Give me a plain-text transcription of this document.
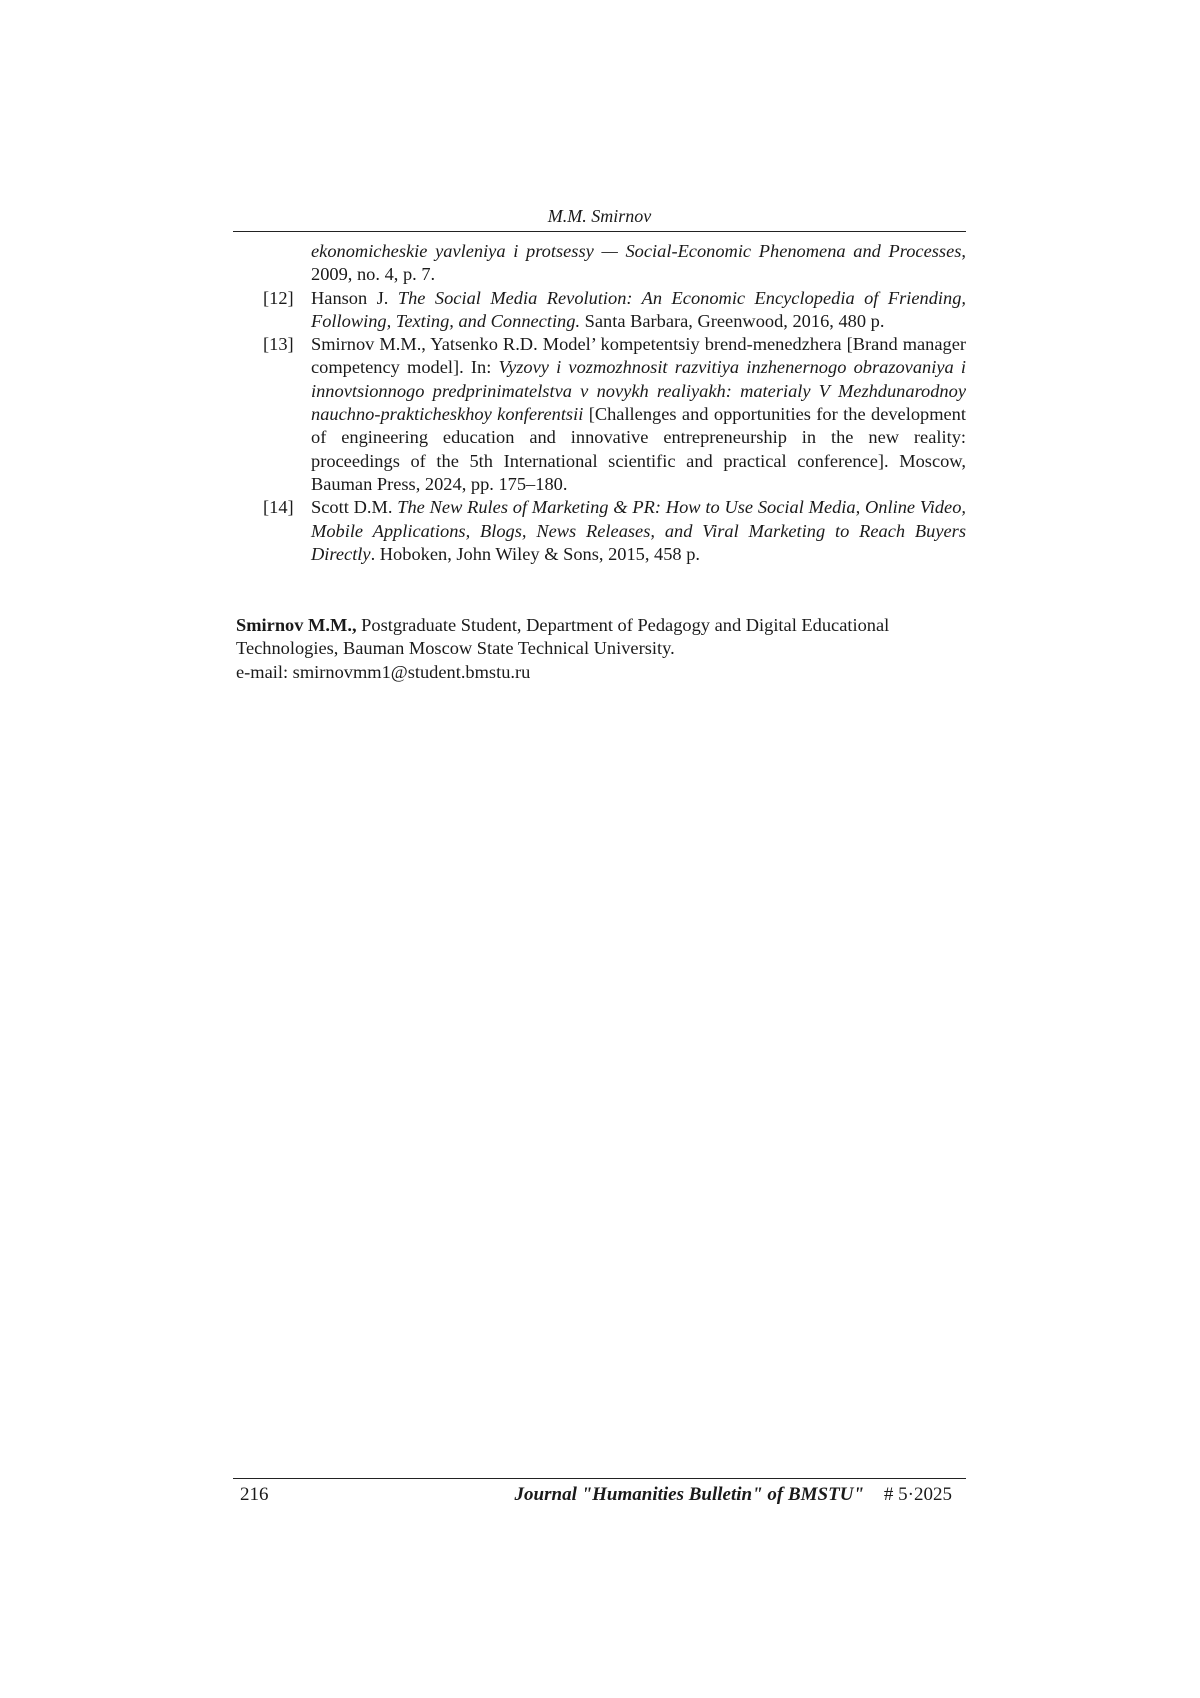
M.M. Smirnov
ekonomicheskie yavleniya i protsessy — Social-Economic Phenomena and Processes, 2009, no. 4, p. 7.
[12] Hanson J. The Social Media Revolution: An Economic Encyclopedia of Friending, Following, Texting, and Connecting. Santa Barbara, Greenwood, 2016, 480 p.
[13] Smirnov M.M., Yatsenko R.D. Model’ kompetentsiy brend-menedzhera [Brand manager competency model]. In: Vyzovy i vozmozhnosit razvitiya inzhenernogo obrazovaniya i innovtsionnogo predprinimatelstva v novykh realiyakh: materialy V Mezhdunarodnoy nauchno-prakticheskhoy konferentsii [Challenges and opportunities for the development of engineering education and innovative entrepreneurship in the new reality: proceedings of the 5th International scientific and practical conference]. Moscow, Bauman Press, 2024, pp. 175–180.
[14] Scott D.M. The New Rules of Marketing & PR: How to Use Social Media, Online Video, Mobile Applications, Blogs, News Releases, and Viral Marketing to Reach Buyers Directly. Hoboken, John Wiley & Sons, 2015, 458 p.
Smirnov M.M., Postgraduate Student, Department of Pedagogy and Digital Educational Technologies, Bauman Moscow State Technical University.
e-mail: smirnovmm1@student.bmstu.ru
216	Journal "Humanities Bulletin" of BMSTU" # 5·2025
